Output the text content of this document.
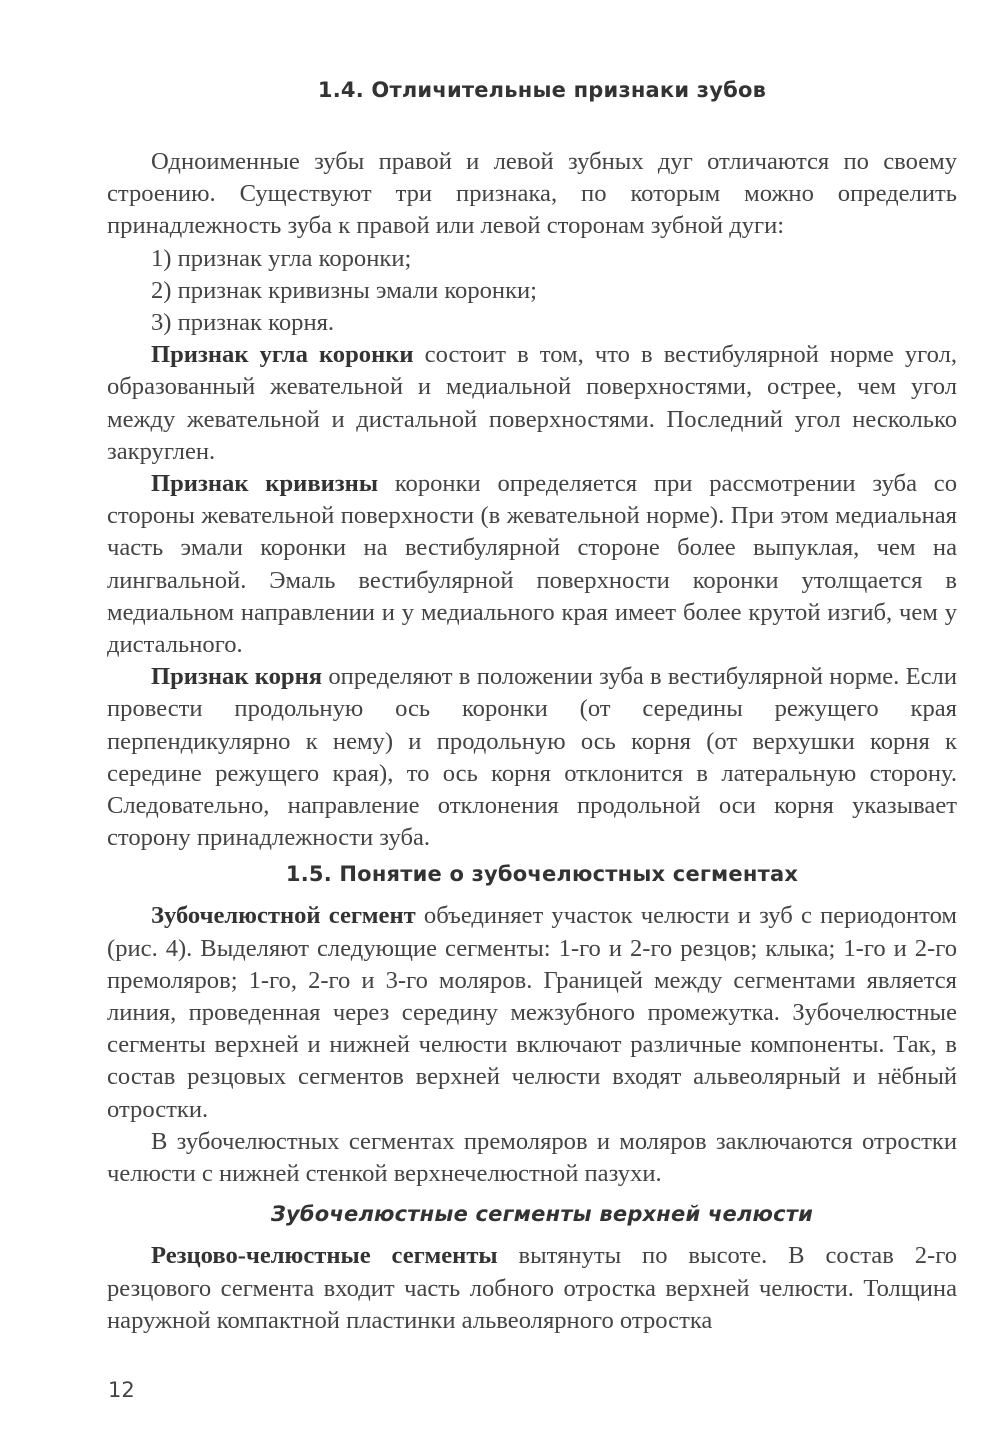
1.4. Отличительные признаки зубов

Одноименные зубы правой и левой зубных дуг отличаются по своему строению. Существуют три признака, по которым можно определить принадлежность зуба к правой или левой сторонам зубной дуги:

1) признак угла коронки;

2) признак кривизны эмали коронки;

3) признак корня.

Признак угла коронки состоит в том, что в вестибулярной норме угол, образованный жевательной и медиальной поверхностями, острее, чем угол между жевательной и дистальной поверхностями. Последний угол несколько закруглен.

Признак кривизны коронки определяется при рассмотрении зуба со стороны жевательной поверхности (в жевательной норме). При этом медиальная часть эмали коронки на вестибулярной стороне более выпуклая, чем на лингвальной. Эмаль вестибулярной поверхности коронки утолщается в медиальном направлении и у медиального края имеет более крутой изгиб, чем у дистального.

Признак корня определяют в положении зуба в вестибулярной норме. Если провести продольную ось коронки (от середины режущего края перпендикулярно к нему) и продольную ось корня (от верхушки корня к середине режущего края), то ось корня отклонится в латеральную сторону. Следовательно, направление отклонения продольной оси корня указывает сторону принадлежности зуба.

1.5. Понятие о зубочелюстных сегментах

Зубочелюстной сегмент объединяет участок челюсти и зуб с периодонтом (рис. 4). Выделяют следующие сегменты: 1-го и 2-го резцов; клыка; 1-го и 2-го премоляров; 1-го, 2-го и 3-го моляров. Границей между сегментами является линия, проведенная через середину межзубного промежутка. Зубочелюстные сегменты верхней и нижней челюсти включают различные компоненты. Так, в состав резцовых сегментов верхней челюсти входят альвеолярный и нёбный отростки.

В зубочелюстных сегментах премоляров и моляров заключаются отростки челюсти с нижней стенкой верхнечелюстной пазухи.

Зубочелюстные сегменты верхней челюсти

Резцово-челюстные сегменты вытянуты по высоте. В состав 2-го резцового сегмента входит часть лобного отростка верхней челюсти. Толщина наружной компактной пластинки альвеолярного отростка

12
